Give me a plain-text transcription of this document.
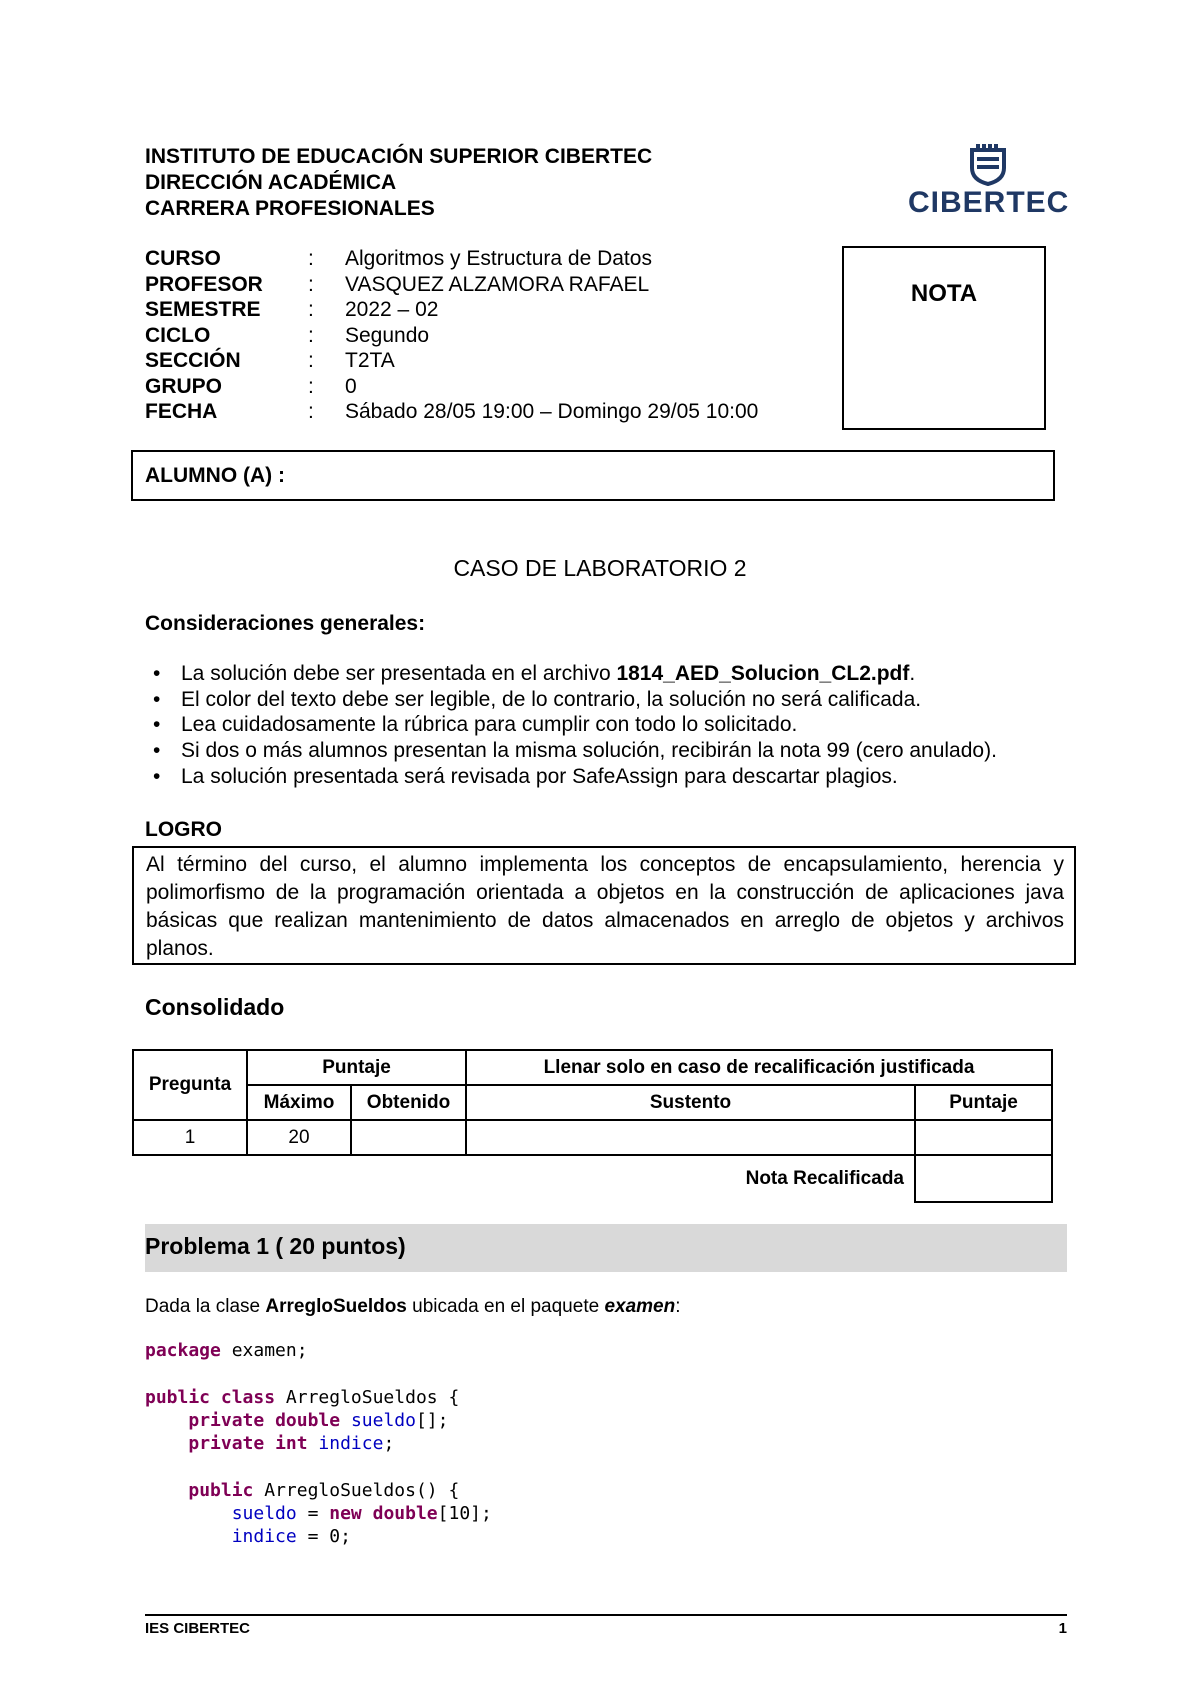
INSTITUTO DE EDUCACIÓN SUPERIOR CIBERTEC
DIRECCIÓN ACADÉMICA
CARRERA PROFESIONALES	CIBERTEC
CURSO	:	Algoritmos y Estructura de Datos
PROFESOR	:	VASQUEZ ALZAMORA RAFAEL
SEMESTRE	:	2022 – 02
CICLO	:	Segundo
SECCIÓN	:	T2TA
GRUPO	:	0
FECHA	:	Sábado 28/05 19:00 – Domingo 29/05 10:00
NOTA
ALUMNO (A) :
CASO DE LABORATORIO 2
Consideraciones generales:
• La solución debe ser presentada en el archivo 1814_AED_Solucion_CL2.pdf.
• El color del texto debe ser legible, de lo contrario, la solución no será calificada.
• Lea cuidadosamente la rúbrica para cumplir con todo lo solicitado.
• Si dos o más alumnos presentan la misma solución, recibirán la nota 99 (cero anulado).
• La solución presentada será revisada por SafeAssign para descartar plagios.
LOGRO
Al término del curso, el alumno implementa los conceptos de encapsulamiento, herencia y polimorfismo de la programación orientada a objetos en la construcción de aplicaciones java básicas que realizan mantenimiento de datos almacenados en arreglo de objetos y archivos planos.
Consolidado
Pregunta	Puntaje		Llenar solo en caso de recalificación justificada	
	Máximo	Obtenido	Sustento	Puntaje
1	20			
Nota Recalificada				
Problema 1 ( 20 puntos)
Dada la clase ArregloSueldos ubicada en el paquete examen:
package examen;

public class ArregloSueldos {
private double sueldo[];
private int indice;

public ArregloSueldos() {
sueldo = new double[10];
indice = 0;
IES CIBERTEC	1
